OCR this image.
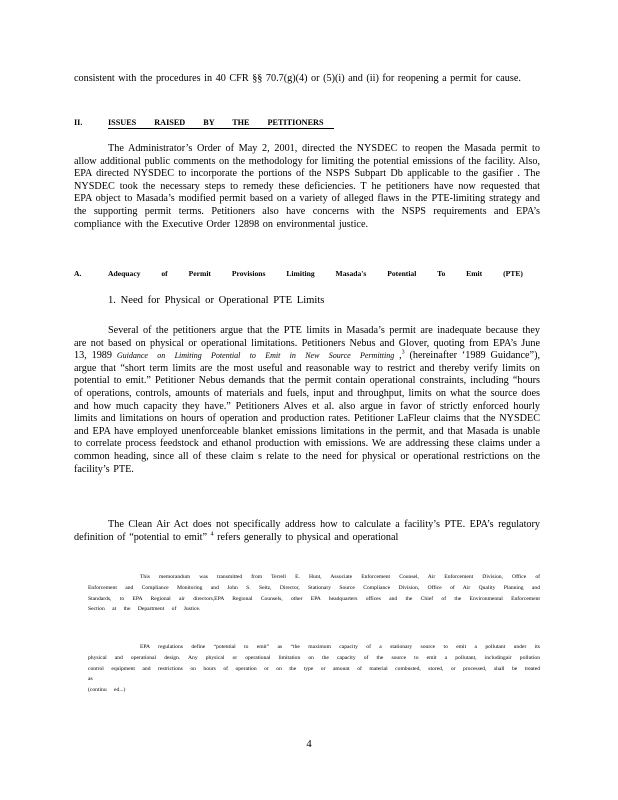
consistent with the procedures in 40 CFR §§ 70.7(g)(4) or (5)(i) and (ii) for reopening a permit for cause.
II.	ISSUES RAISED BY THE PETITIONERS
The Administrator’s Order of May 2, 2001, directed the NYSDEC to reopen the Masada permit to allow additional public comments on the methodology for limiting the potential emissions of the facility. Also, EPA directed NYSDEC to incorporate the portions of the NSPS Subpart Db applicable to the gasifier . The NYSDEC took the necessary steps to remedy these deficiencies. T he petitioners have now requested that EPA object to Masada’s modified permit based on a variety of alleged flaws in the PTE-limiting strategy and the supporting permit terms. Petitioners also have concerns with the NSPS requirements and EPA’s compliance with the Executive Order 12898 on environmental justice.
A.	Adequacy of Permit Provisions Limiting Masada's Potential To Emit (PTE)
1. Need for Physical or Operational PTE Limits
Several of the petitioners argue that the PTE limits in Masada’s permit are inadequate because they are not based on physical or operational limitations. Petitioners Nebus and Glover, quoting from EPA’s June 13, 1989 Guidance on Limiting Potential to Emit in New Source Permitting ,$^3$ (hereinafter ‘1989 Guidance”), argue that “short term limits are the most useful and reasonable way to restrict and thereby verify limits on potential to emit.” Petitioner Nebus demands that the permit contain operational constraints, including “hours of operations, controls, amounts of materials and fuels, input and throughput, limits on what the source does and how much capacity they have.” Petitioners Alves et al. also argue in favor of strictly enforced hourly limits and limitations on hours of operation and production rates. Petitioner LaFleur claims that the NYSDEC and EPA have employed unenforceable blanket emissions limitations in the permit, and that Masada is unable to correlate process feedstock and ethanol production with emissions. We are addressing these claims under a common heading, since all of these claim s relate to the need for physical or operational restrictions on the facility’s PTE.
The Clean Air Act does not specifically address how to calculate a facility’s PTE. EPA’s regulatory definition of “potential to emit” $^4$ refers generally to physical and operational
This memorandum was transmitted from Terrell E. Hunt, Associate Enforcement Counsel, Air Enforcement Division, Office of Enforcement and Compliance Monitoring and John S. Seitz, Director, Stationary Source Compliance Division, Office of Air Quality Planning and Standards, to EPA Regional air directors,EPA Regional Counsels, other EPA headquarters offices and the Chief of the Environmental Enforcement Section at the Department of Justice.
EPA regulations define “potential to emit” as “the maximum capacity of a stationary source to emit a pollutant under its physical and operational design. Any physical or operational limitation on the capacity of the source to emit a pollutant, includingair pollution control equipment and restrictions on hours of operation or on the type or amount of material combusted, stored, or processed, shall be treated as
(continu ed...)
4
